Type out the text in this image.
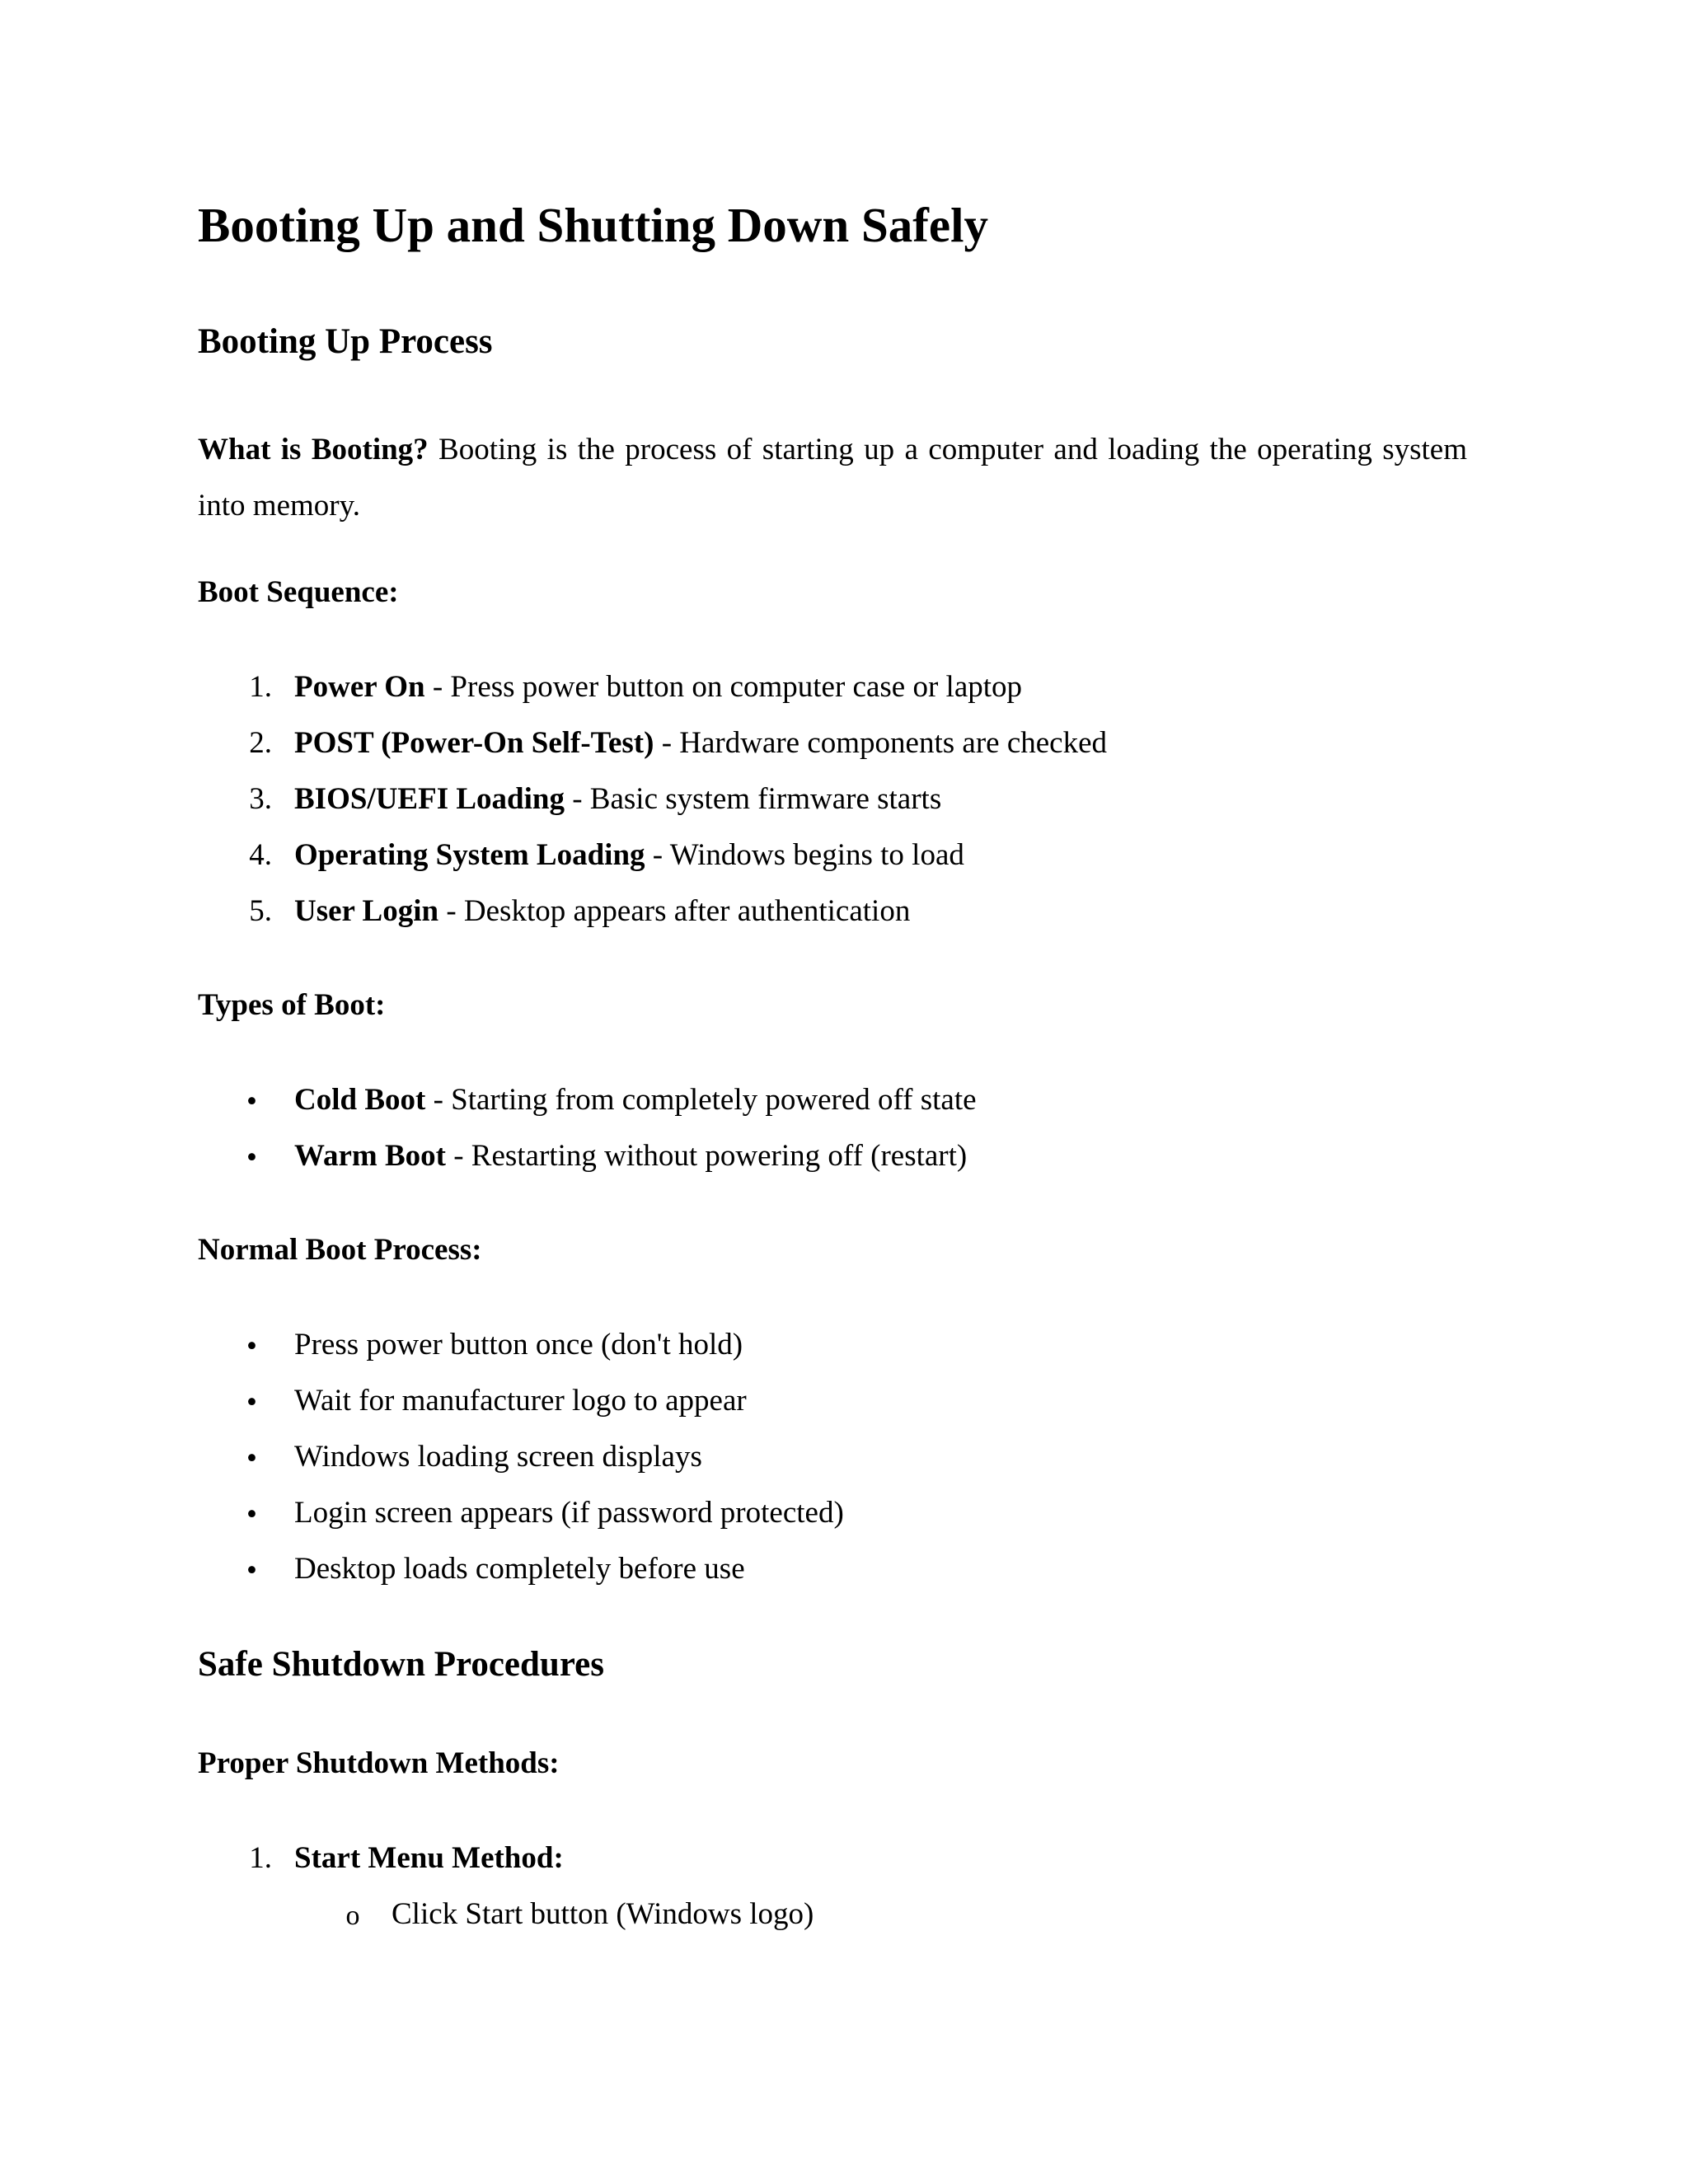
Booting Up and Shutting Down Safely
Booting Up Process
What is Booting? Booting is the process of starting up a computer and loading the operating system into memory.
Boot Sequence:
1. Power On - Press power button on computer case or laptop
2. POST (Power-On Self-Test) - Hardware components are checked
3. BIOS/UEFI Loading - Basic system firmware starts
4. Operating System Loading - Windows begins to load
5. User Login - Desktop appears after authentication
Types of Boot:
• Cold Boot - Starting from completely powered off state
• Warm Boot - Restarting without powering off (restart)
Normal Boot Process:
• Press power button once (don't hold)
• Wait for manufacturer logo to appear
• Windows loading screen displays
• Login screen appears (if password protected)
• Desktop loads completely before use
Safe Shutdown Procedures
Proper Shutdown Methods:
1. Start Menu Method:
o	Click Start button (Windows logo)
